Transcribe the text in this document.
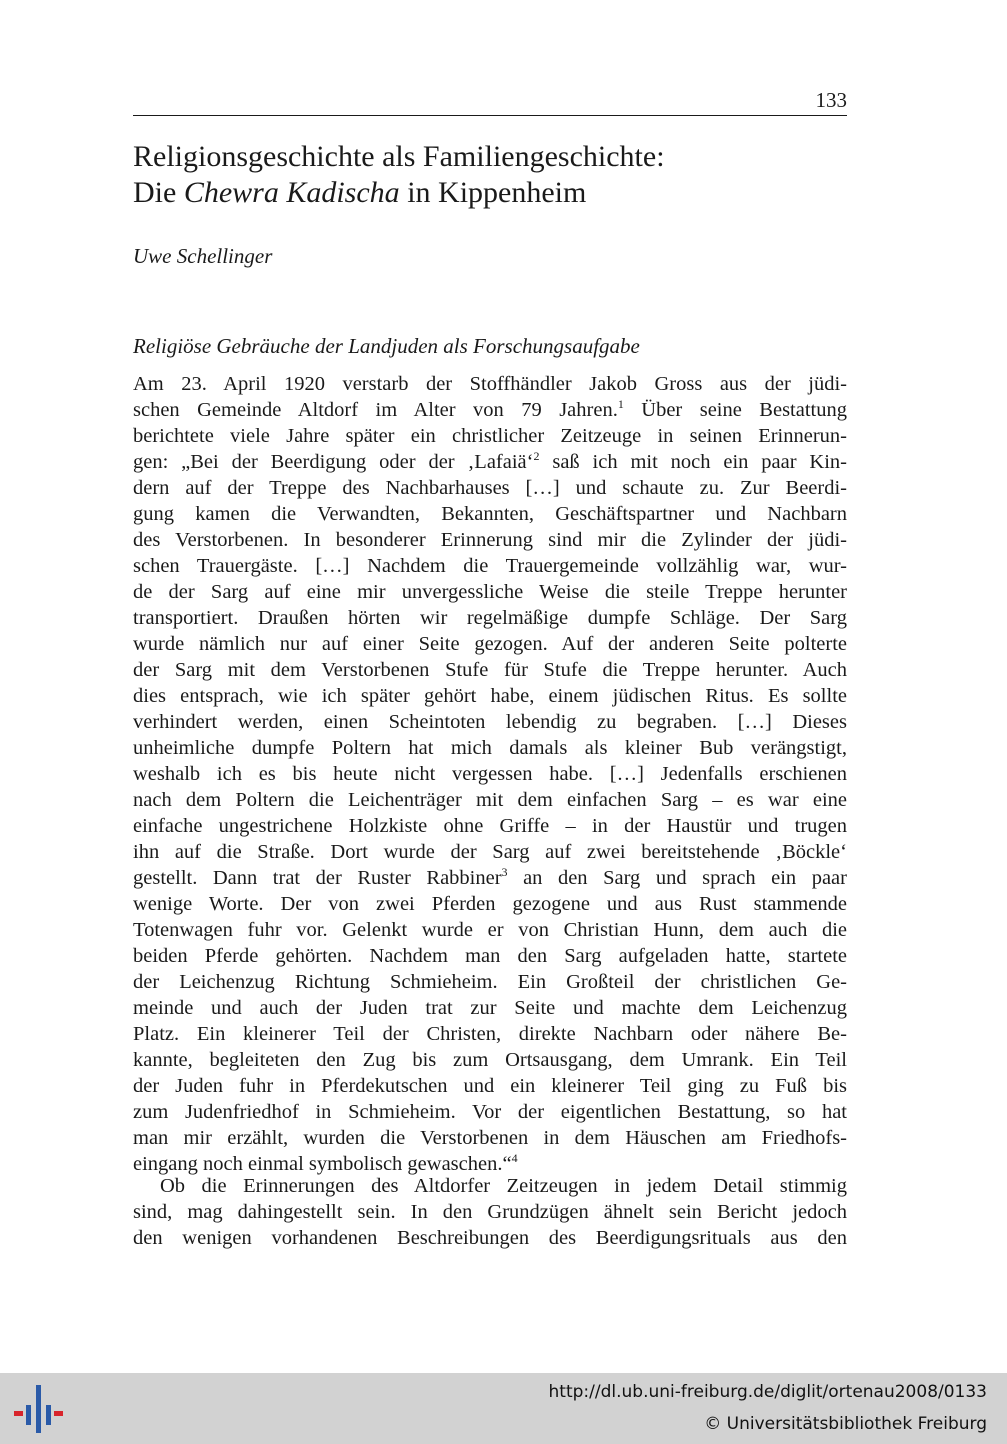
133
Religionsgeschichte als Familiengeschichte:
Die Chewra Kadischa in Kippenheim
Uwe Schellinger
Religiöse Gebräuche der Landjuden als Forschungsaufgabe
Am 23. April 1920 verstarb der Stoffhändler Jakob Gross aus der jüdi-
schen Gemeinde Altdorf im Alter von 79 Jahren.$^1$ Über seine Bestattung
berichtete viele Jahre später ein christlicher Zeitzeuge in seinen Erinnerun-
gen: „Bei der Beerdigung oder der ‚Lafaiä‘$^2$ saß ich mit noch ein paar Kin-
dern auf der Treppe des Nachbarhauses […] und schaute zu. Zur Beerdi-
gung kamen die Verwandten, Bekannten, Geschäftspartner und Nachbarn
des Verstorbenen. In besonderer Erinnerung sind mir die Zylinder der jüdi-
schen Trauergäste. […] Nachdem die Trauergemeinde vollzählig war, wur-
de der Sarg auf eine mir unvergessliche Weise die steile Treppe herunter
transportiert. Draußen hörten wir regelmäßige dumpfe Schläge. Der Sarg
wurde nämlich nur auf einer Seite gezogen. Auf der anderen Seite polterte
der Sarg mit dem Verstorbenen Stufe für Stufe die Treppe herunter. Auch
dies entsprach, wie ich später gehört habe, einem jüdischen Ritus. Es sollte
verhindert werden, einen Scheintoten lebendig zu begraben. […] Dieses
unheimliche dumpfe Poltern hat mich damals als kleiner Bub verängstigt,
weshalb ich es bis heute nicht vergessen habe. […] Jedenfalls erschienen
nach dem Poltern die Leichenträger mit dem einfachen Sarg – es war eine
einfache ungestrichene Holzkiste ohne Griffe – in der Haustür und trugen
ihn auf die Straße. Dort wurde der Sarg auf zwei bereitstehende ‚Böckle‘
gestellt. Dann trat der Ruster Rabbiner$^3$ an den Sarg und sprach ein paar
wenige Worte. Der von zwei Pferden gezogene und aus Rust stammende
Totenwagen fuhr vor. Gelenkt wurde er von Christian Hunn, dem auch die
beiden Pferde gehörten. Nachdem man den Sarg aufgeladen hatte, startete
der Leichenzug Richtung Schmieheim. Ein Großteil der christlichen Ge-
meinde und auch der Juden trat zur Seite und machte dem Leichenzug
Platz. Ein kleinerer Teil der Christen, direkte Nachbarn oder nähere Be-
kannte, begleiteten den Zug bis zum Ortsausgang, dem Umrank. Ein Teil
der Juden fuhr in Pferdekutschen und ein kleinerer Teil ging zu Fuß bis
zum Judenfriedhof in Schmieheim. Vor der eigentlichen Bestattung, so hat
man mir erzählt, wurden die Verstorbenen in dem Häuschen am Friedhofs-
eingang noch einmal symbolisch gewaschen.“$^4$
Ob die Erinnerungen des Altdorfer Zeitzeugen in jedem Detail stimmig
sind, mag dahingestellt sein. In den Grundzügen ähnelt sein Bericht jedoch
den wenigen vorhandenen Beschreibungen des Beerdigungsrituals aus den
http://dl.ub.uni-freiburg.de/diglit/ortenau2008/0133
© Universitätsbibliothek Freiburg
